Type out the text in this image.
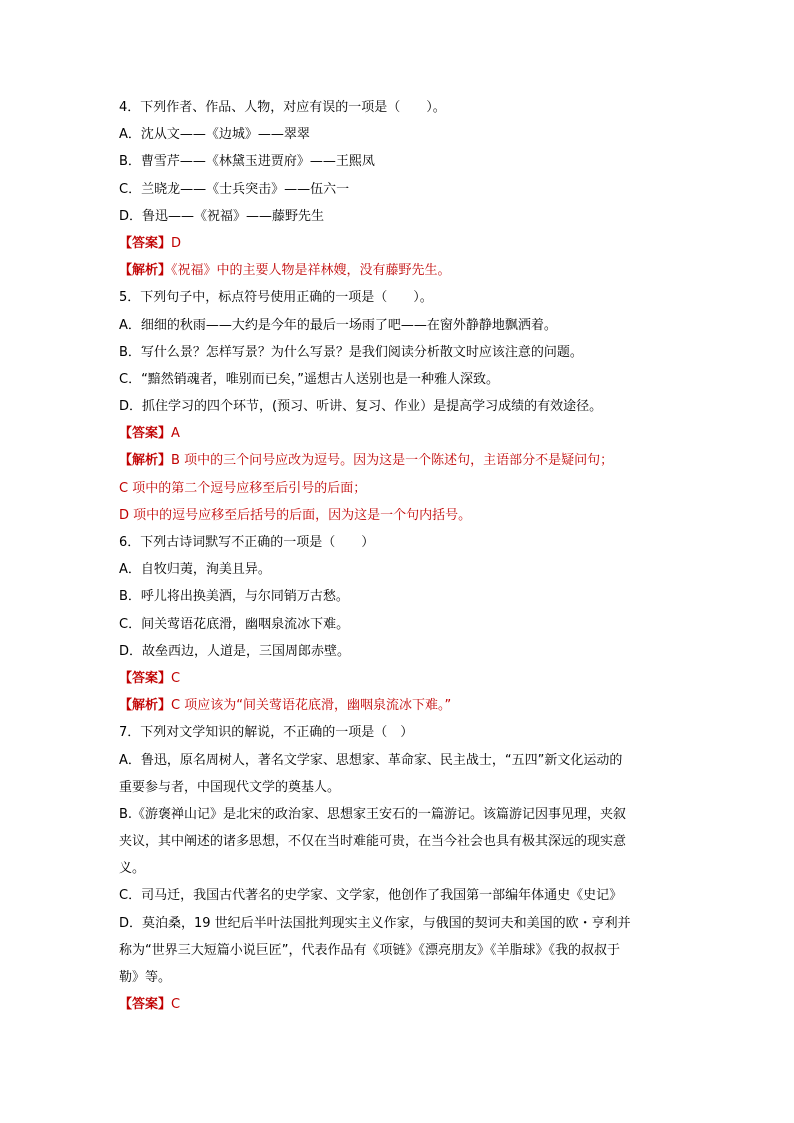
4．下列作者、作品、人物，对应有误的一项是（　　）。
A．沈从文——《边城》——翠翠
B．曹雪芹——《林黛玉进贾府》——王熙凤
C．兰晓龙——《士兵突击》——伍六一
D．鲁迅——《祝福》——藤野先生
【答案】D
【解析】《祝福》中的主要人物是祥林嫂，没有藤野先生。
5．下列句子中，标点符号使用正确的一项是（　　）。
A．细细的秋雨——大约是今年的最后一场雨了吧——在窗外静静地飘洒着。
B．写什么景？怎样写景？为什么写景？是我们阅读分析散文时应该注意的问题。
C．“黯然销魂者，唯别而已矣，”遥想古人送别也是一种雅人深致。
D．抓住学习的四个环节，(预习、听讲、复习、作业）是提高学习成绩的有效途径。
【答案】A
【解析】B 项中的三个问号应改为逗号。因为这是一个陈述句，主语部分不是疑问句；
C 项中的第二个逗号应移至后引号的后面；
D 项中的逗号应移至后括号的后面，因为这是一个句内括号。
6．下列古诗词默写不正确的一项是（　　）
A．自牧归荑，洵美且异。
B．呼儿将出换美酒，与尔同销万古愁。
C．间关莺语花底滑，幽咽泉流冰下难。
D．故垒西边，人道是，三国周郎赤壁。
【答案】C
【解析】C 项应该为“间关莺语花底滑，幽咽泉流冰下难。”
7．下列对文学知识的解说，不正确的一项是（　）
A．鲁迅，原名周树人，著名文学家、思想家、革命家、民主战士，“五四”新文化运动的
重要参与者，中国现代文学的奠基人。
B.《游褒禅山记》是北宋的政治家、思想家王安石的一篇游记。该篇游记因事见理，夹叙
夹议，其中阐述的诸多思想，不仅在当时难能可贵，在当今社会也具有极其深远的现实意
义。
C．司马迁，我国古代著名的史学家、文学家，他创作了我国第一部编年体通史《史记》
D．莫泊桑，19 世纪后半叶法国批判现实主义作家，与俄国的契诃夫和美国的欧・亨利并
称为“世界三大短篇小说巨匠”，代表作品有《项链》《漂亮朋友》《羊脂球》《我的叔叔于
勒》等。
【答案】C
